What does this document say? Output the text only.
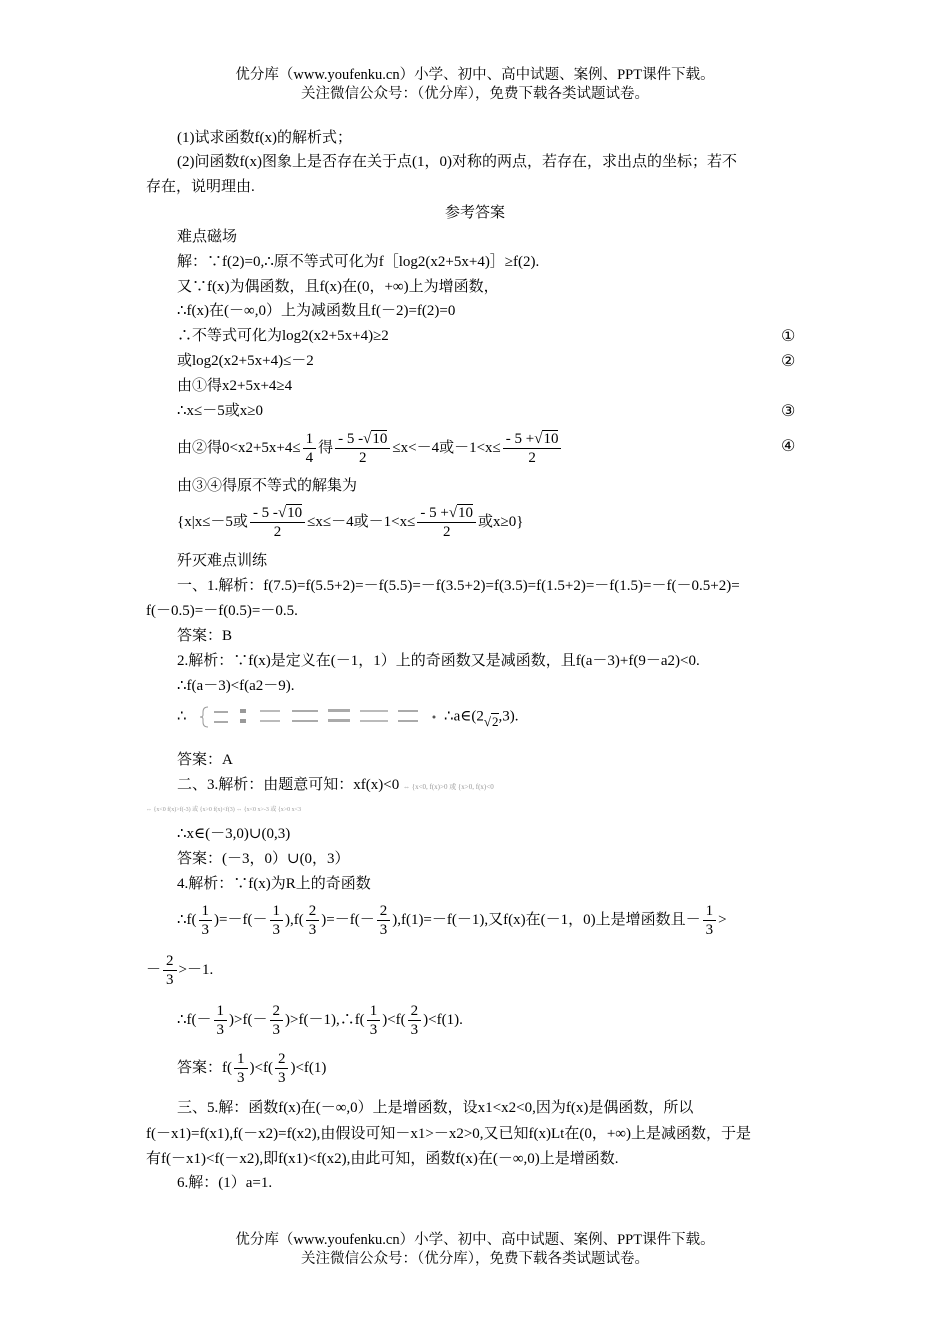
优分库（www.youfenku.cn）小学、初中、高中试题、案例、PPT课件下载。
关注微信公众号：（优分库），免费下载各类试题试卷。
(1)试求函数f(x)的解析式；
(2)问函数f(x)图象上是否存在关于点(1，0)对称的两点，若存在，求出点的坐标；若不
存在，说明理由.
参考答案
难点磁场
解：∵f(2)=0,∴原不等式可化为f［log2(x2+5x+4)］≥f(2).
又∵f(x)为偶函数，且f(x)在(0，+∞)上为增函数，
∴f(x)在(－∞,0）上为减函数且f(－2)=f(2)=0
∴不等式可化为log2(x2+5x+4)≥2	①
或log2(x2+5x+4)≤－2	②
由①得x2+5x+4≥4
∴x≤－5或x≥0	③
由②得$0<x2+5x+4\le \frac{1}{4}$ 得 $\frac{- 5 -√10}{2} \le x<-4$或$-1<x\le \frac{- 5 +√10}{2}$	④
由③④得原不等式的解集为
{x|x≤－5或 $\frac{- 5 -√10}{2} \le x\le-4$或$-1<x\le \frac{- 5 +√10}{2}$ 或x≥0}
歼灭难点训练
一、1.解析：f(7.5)=f(5.5+2)=－f(5.5)=－f(3.5+2)=f(3.5)=f(1.5+2)=－f(1.5)=－f(－0.5+2)=
f(－0.5)=－f(0.5)=－0.5.
答案：B
2.解析：∵f(x)是定义在(－1，1）上的奇函数又是减函数，且f(a－3)+f(9－a2)<0.
∴f(a－3)<f(a2－9).
∴	∴a∈(2√2,3).
答案：A
二、3.解析：由题意可知：xf(x)<0 ⇔ {x<0, f(x)>0 或 {x>0, f(x)<0
⇔ {x<0 f(x)>f(-3) 或 {x>0 f(x)<f(3) ⇔ {x<0 x>-3 或 {x>0 x<3
∴x∈(－3,0)∪(0,3)
答案：(－3，0）∪(0，3）
4.解析：∵f(x)为R上的奇函数
∴f( $\frac{1}{3} )=-f(- \frac{1}{3} ),f( \frac{2}{3} )=-f(- \frac{2}{3} ),f(1)=-f(-1)$,又f(x)在(－1，0)上是增函数且－ $\frac{1}{3}$ >
－ $\frac{2}{3} >-1$.
∴f(－ $\frac{1}{3} )>f(- \frac{2}{3}$ )>f(－1),∴f( $\frac{1}{3} )<f( \frac{2}{3} )<f(1)$.
答案：$f( \frac{1}{3} )<f( \frac{2}{3} )<f(1)$
三、5.解：函数f(x)在(－∞,0）上是增函数，设x1<x2<0,因为f(x)是偶函数，所以
f(－x1)=f(x1),f(－x2)=f(x2),由假设可知－x1>－x2>0,又已知f(x)Lt在(0，+∞)上是减函数，于是
有f(－x1)<f(－x2),即f(x1)<f(x2),由此可知，函数f(x)在(－∞,0)上是增函数.
6.解：(1）a=1.
优分库（www.youfenku.cn）小学、初中、高中试题、案例、PPT课件下载。
关注微信公众号：（优分库），免费下载各类试题试卷。
